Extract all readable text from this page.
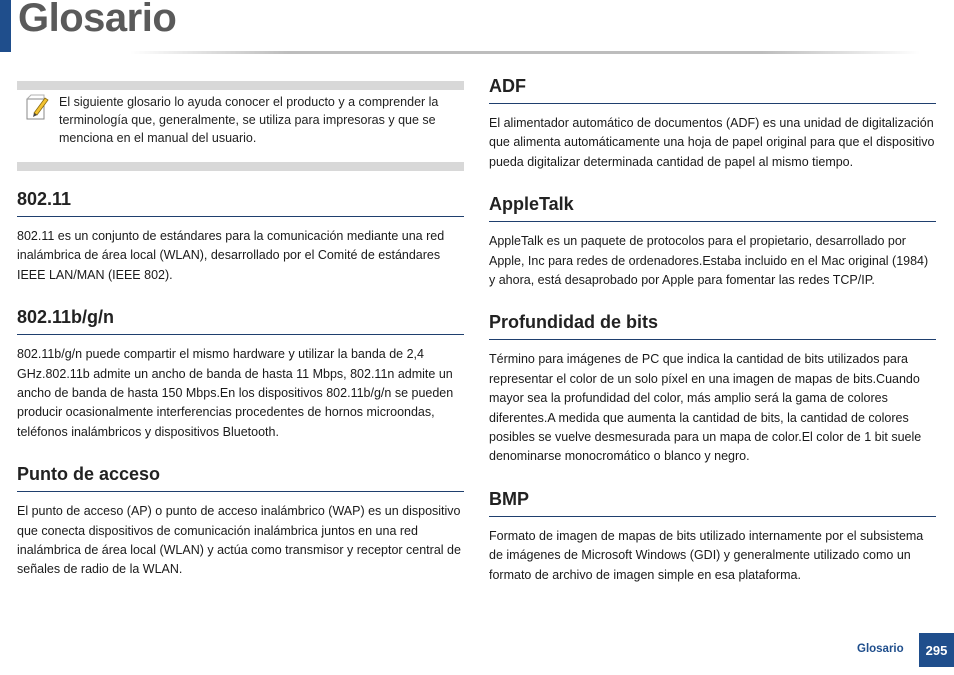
Glosario
El siguiente glosario lo ayuda conocer el producto y a comprender la terminología que, generalmente, se utiliza para impresoras y que se menciona en el manual del usuario.
802.11

802.11 es un conjunto de estándares para la comunicación mediante una red inalámbrica de área local (WLAN), desarrollado por el Comité de estándares IEEE LAN/MAN (IEEE 802).

802.11b/g/n

802.11b/g/n puede compartir el mismo hardware y utilizar la banda de 2,4 GHz.802.11b admite un ancho de banda de hasta 11 Mbps, 802.11n admite un ancho de banda de hasta 150 Mbps.En los dispositivos 802.11b/g/n se pueden producir ocasionalmente interferencias procedentes de hornos microondas, teléfonos inalámbricos y dispositivos Bluetooth.

Punto de acceso

El punto de acceso (AP) o punto de acceso inalámbrico (WAP) es un dispositivo que conecta dispositivos de comunicación inalámbrica juntos en una red inalámbrica de área local (WLAN) y actúa como transmisor y receptor central de señales de radio de la WLAN.

ADF

El alimentador automático de documentos (ADF) es una unidad de digitalización que alimenta automáticamente una hoja de papel original para que el dispositivo pueda digitalizar determinada cantidad de papel al mismo tiempo.

AppleTalk

AppleTalk es un paquete de protocolos para el propietario, desarrollado por Apple, Inc para redes de ordenadores.Estaba incluido en el Mac original (1984) y ahora, está desaprobado por Apple para fomentar las redes TCP/IP.

Profundidad de bits

Término para imágenes de PC que indica la cantidad de bits utilizados para representar el color de un solo píxel en una imagen de mapas de bits.Cuando mayor sea la profundidad del color, más amplio será la gama de colores diferentes.A medida que aumenta la cantidad de bits, la cantidad de colores posibles se vuelve desmesurada para un mapa de color.El color de 1 bit suele denominarse monocromático o blanco y negro.

BMP

Formato de imagen de mapas de bits utilizado internamente por el subsistema de imágenes de Microsoft Windows (GDI) y generalmente utilizado como un formato de archivo de imagen simple en esa plataforma.

Glosario	295
